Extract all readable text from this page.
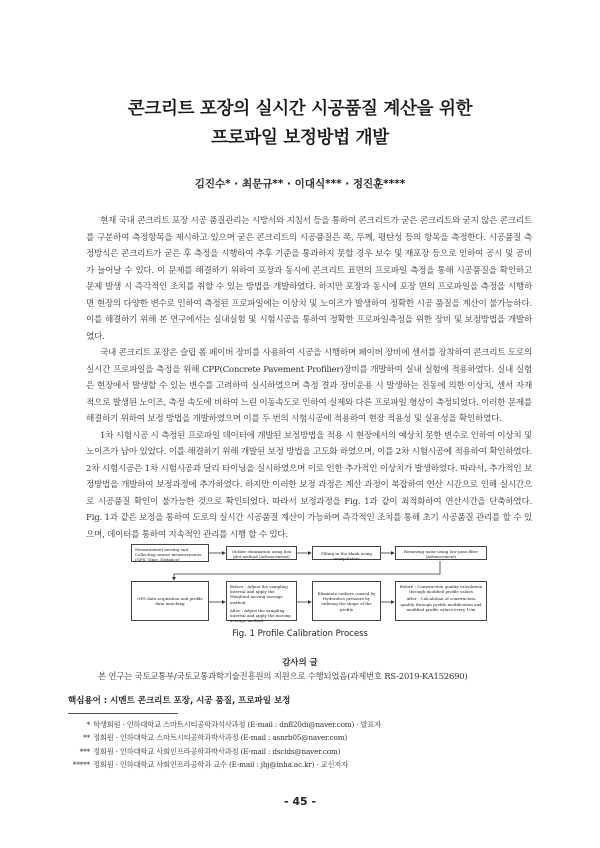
콘크리트 포장의 실시간 시공품질 계산을 위한
프로파일 보정방법 개발
김진수* · 최문규** · 이대식*** · 정진훈****

현재 국내 콘크리트 포장 시공 품질관리는 시방서와 지침서 등을 통하여 콘크리트가 굳은 콘크리트와 굳지 않은 콘크리트를 구분하여 측정항목을 제시하고 있으며 굳은 콘크리트의 시공품질은 폭, 두께, 평탄성 등의 항목을 측정한다. 시공품질 측정방식은 콘크리트가 굳은 후 측정을 시행하여 추후 기준을 통과하지 못할 경우 보수 및 재포장 등으로 인하여 공시 및 공비가 늘어날 수 있다. 이 문제를 해결하기 위하여 포장과 동시에 콘크리트 표면의 프로파일 측정을 통해 시공품질을 확인하고 문제 발생 시 즉각적인 조치를 취할 수 있는 방법을 개발하였다. 하지만 포장과 동시에 포장 면의 프로파일을 측정을 시행하면 현장의 다양한 변수로 인하여 측정된 프로파일에는 이상치 및 노이즈가 발생하여 정확한 시공 품질을 계산이 불가능하다. 이를 해결하기 위해 본 연구에서는 실내실험 및 시험시공을 통하여 정확한 프로파일측정을 위한 장비 및 보정방법을 개발하였다.

국내 콘크리트 포장은 슬립 폼 페이버 장비를 사용하여 시공을 시행하며 페이버 장비에 센서를 장착하여 콘크리트 도로의 실시간 프로파일을 측정을 위해 CPP(Concrete Pavement Profilier)장비를 개발하여 실내 실험에 적용하였다. 실내 실험은 현장에서 발생할 수 있는 변수를 고려하여 실시하였으며 측정 결과 장비운용 시 발생하는 진동에 의한 이상치, 센서 자재적으로 발생된 노이즈, 측정 속도에 비하여 느린 이동속도로 인하여 실제와 다른 프로파일 형상이 측정되었다. 이러한 문제를 해결하기 위하여 보정 방법을 개발하였으며 이를 두 번의 시험시공에 적용하여 현장 적용성 및 실용성을 확인하였다.

1차 시험시공 시 측정된 프로파일 데이터에 개발된 보정방법을 적용 시 현장에서의 예상치 못한 변수로 인하여 이상치 및 노이즈가 남아 있었다. 이를 해결하기 위해 개발된 보정 방법을 고도화 하였으며, 이를 2차 시험시공에 적용하여 확인하였다. 2차 시험시공은 1차 시험시공과 달리 타이닝을 실시하였으며 이로 인한 추가적인 이상치가 발생하였다. 따라서, 추가적인 보정방법을 개발하여 보정과정에 추가하였다. 하지만 이러한 보정 과정은 계산 과정이 복잡하여 연산 시간으로 인해 실시간으로 시공품질 확인이 불가능한 것으로 확인되었다. 따라서 보정과정을 Fig. 1과 같이 최적화하여 연산시간을 단축하였다. Fig. 1과 같은 보정을 통하여 도로의 실시간 시공품질 계산이 가능하며 즉각적인 조치를 통해 초기 시공품질 관리를 할 수 있으며, 데이터를 통하여 지속적인 관리를 시행 할 수 있다.

Measurement moving and Collecting sensor measurements (GPS, Time, Distance)
Outlier elimination using box plot method (Advancement)
Filling in the blank using interpolation
Removing noise using low pass filter (Advancement)
GPS data acquisition and profile data matching
Before : Adjust the sampling interval and apply the Weighted moving average method
After : Adjust the sampling interval and apply the moving average method
Eliminate outliers caused by Hydraulics pressure by utilizing the shape of the profile
Before : Construction quality calculation through modified profile values
After : Calculation of construction quality through profile modification and modified profile values every 10m
Fig. 1 Profile Calibration Process
감사의 글
본 연구는 국토교통부/국토교통과학기술진흥원의 지원으로 수행되었음(과제번호 RS-2019-KA152690)
핵심용어 : 시멘트 콘크리트 포장, 시공 품질, 프로파일 보정
* 학생회원 · 인하대학교 스마트시티공학과석사과정 (E-mail : dnfl20di@naver.com) · 발표자
** 정회원 · 인하대학교 스마트시티공학과박사과정 (E-mail : asnrb05@naver.com)
*** 정회원 · 인하대학교 사회인프라공학과박사과정 (E-mail : dscids@naver.com)
***** 정회원 · 인하대학교 사회인프라공학과 교수 (E-mail : jhj@inha.ac.kr) · 교신저자
- 45 -
